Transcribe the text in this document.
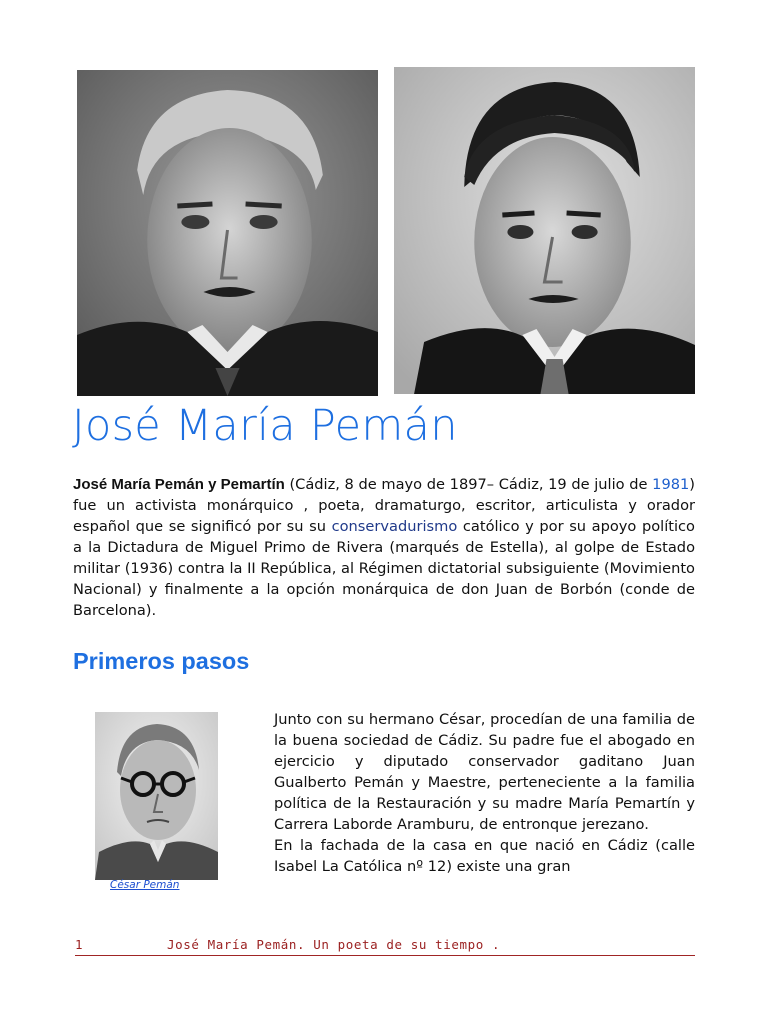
José María Pemán
José María Pemán y Pemartín (Cádiz, 8 de mayo de 1897– Cádiz, 19 de julio de 1981) fue un activista monárquico , poeta, dramaturgo, escritor, articulista y orador español que se significó por su su conservadurismo católico y por su apoyo político a la Dictadura de Miguel Primo de Rivera (marqués de Estella), al golpe de Estado militar (1936) contra la II República, al Régimen dictatorial subsiguiente (Movimiento Nacional) y finalmente a la opción monárquica de don Juan de Borbón (conde de Barcelona).
Primeros pasos
César Pemán

Junto con su hermano César, procedían de una familia de la buena sociedad de Cádiz. Su padre fue el abogado en ejercicio y diputado conservador gaditano Juan Gualberto Pemán y Maestre, perteneciente a la familia política de la Restauración y su madre María Pemartín y Carrera Laborde Aramburu, de entronque jerezano.

En la fachada de la casa en que nació en Cádiz (calle Isabel La Católica nº 12) existe una gran

1

	José María Pemán. Un poeta de su tiempo .
